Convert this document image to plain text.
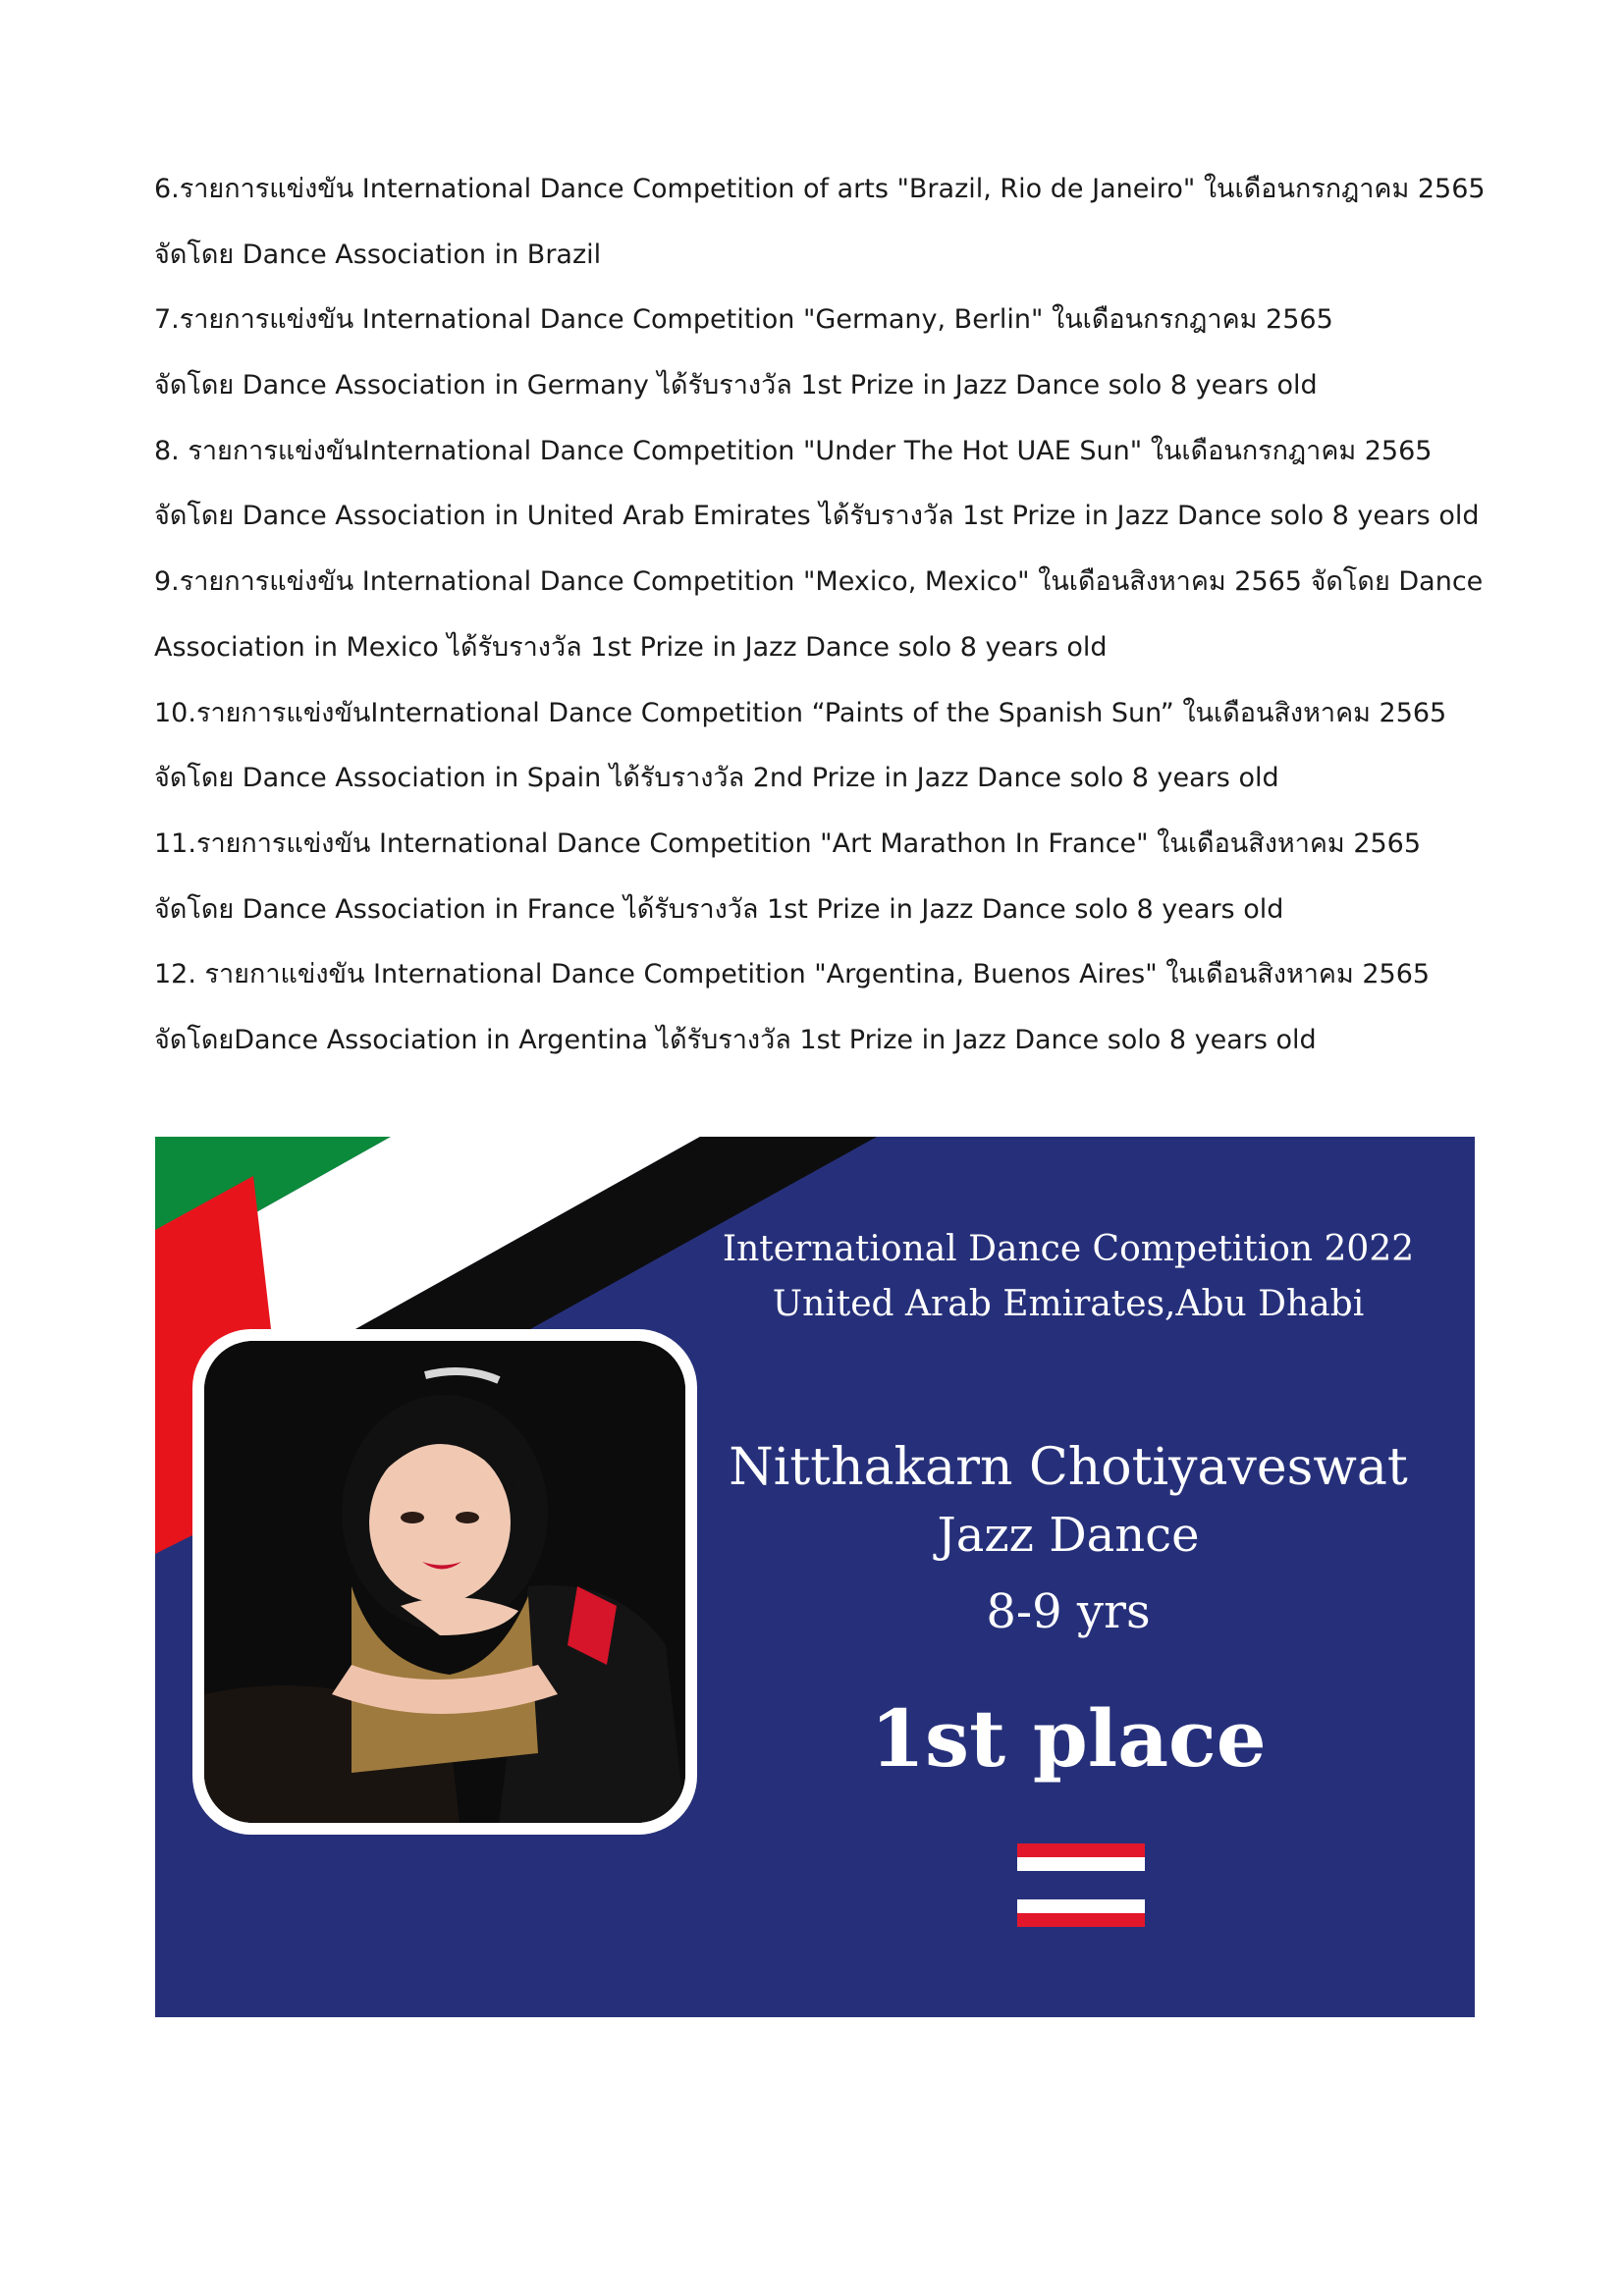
6.รายการแข่งขัน International Dance Competition of arts "Brazil, Rio de Janeiro" ในเดือนกรกฎาคม 2565
จัดโดย Dance Association in Brazil
7.รายการแข่งขัน International Dance Competition "Germany, Berlin" ในเดือนกรกฎาคม 2565
จัดโดย Dance Association in Germany ได้รับรางวัล 1st Prize in Jazz Dance solo 8 years old
8. รายการแข่งขันInternational Dance Competition "Under The Hot UAE Sun" ในเดือนกรกฎาคม 2565
จัดโดย Dance Association in United Arab Emirates ได้รับรางวัล 1st Prize in Jazz Dance solo 8 years old
9.รายการแข่งขัน International Dance Competition "Mexico, Mexico" ในเดือนสิงหาคม 2565 จัดโดย Dance
Association in Mexico ได้รับรางวัล 1st Prize in Jazz Dance solo 8 years old
10.รายการแข่งขันInternational Dance Competition “Paints of the Spanish Sun” ในเดือนสิงหาคม 2565
จัดโดย Dance Association in Spain ได้รับรางวัล 2nd Prize in Jazz Dance solo 8 years old
11.รายการแข่งขัน International Dance Competition "Art Marathon In France" ในเดือนสิงหาคม 2565
จัดโดย Dance Association in France ได้รับรางวัล 1st Prize in Jazz Dance solo 8 years old
12. รายกาแข่งขัน International Dance Competition "Argentina, Buenos Aires" ในเดือนสิงหาคม 2565
จัดโดยDance Association in Argentina ได้รับรางวัล 1st Prize in Jazz Dance solo 8 years old
International Dance Competition 2022
United Arab Emirates,Abu Dhabi
Nitthakarn Chotiyaveswat
Jazz Dance
8-9 yrs
1st place
